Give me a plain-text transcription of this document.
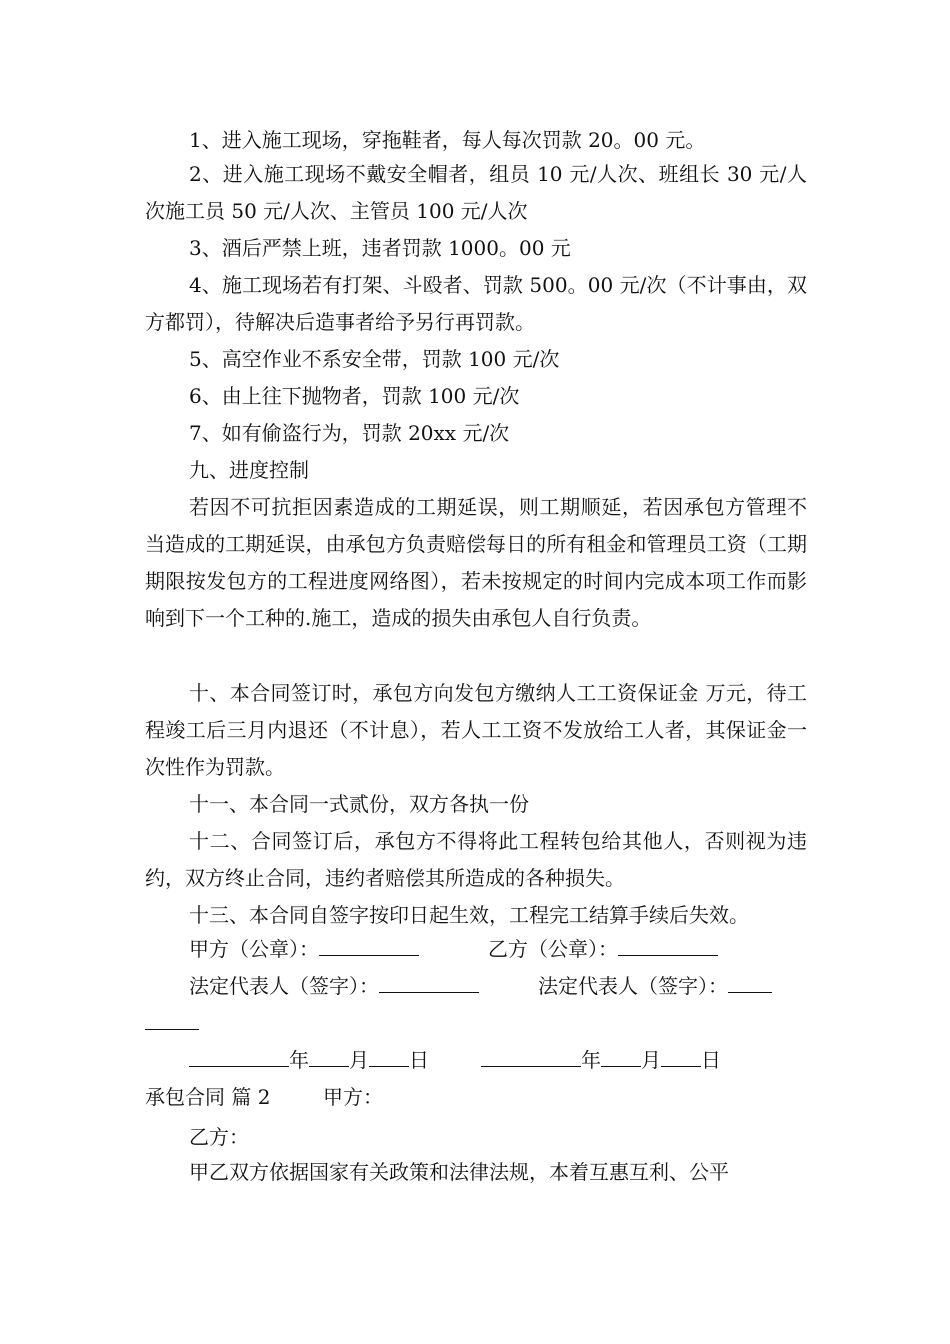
1、进入施工现场，穿拖鞋者，每人每次罚款 20。00 元。

2、进入施工现场不戴安全帽者，组员 10 元/人次、班组长 30 元/人次施工员 50 元/人次、主管员 100 元/人次

3、酒后严禁上班，违者罚款 1000。00 元

4、施工现场若有打架、斗殴者、罚款 500。00 元/次（不计事由，双方都罚），待解决后造事者给予另行再罚款。

5、高空作业不系安全带，罚款 100 元/次

6、由上往下抛物者，罚款 100 元/次

7、如有偷盗行为，罚款 20xx 元/次

九、进度控制

若因不可抗拒因素造成的工期延误，则工期顺延，若因承包方管理不当造成的工期延误，由承包方负责赔偿每日的所有租金和管理员工资（工期期限按发包方的工程进度网络图），若未按规定的时间内完成本项工作而影响到下一个工种的.施工，造成的损失由承包人自行负责。

十、本合同签订时，承包方向发包方缴纳人工工资保证金 万元，待工程竣工后三月内退还（不计息），若人工工资不发放给工人者，其保证金一次性作为罚款。

十一、本合同一式贰份，双方各执一份

十二、合同签订后，承包方不得将此工程转包给其他人，否则视为违约，双方终止合同，违约者赔偿其所造成的各种损失。

十三、本合同自签字按印日起生效，工程完工结算手续后失效。

甲方（公章）：	乙方（公章）：

法定代表人（签字）：	法定代表人（签字）：

年 月 日	年 月 日

承包合同 篇 2	甲方：

乙方：

甲乙双方依据国家有关政策和法律法规，本着互惠互利、公平
